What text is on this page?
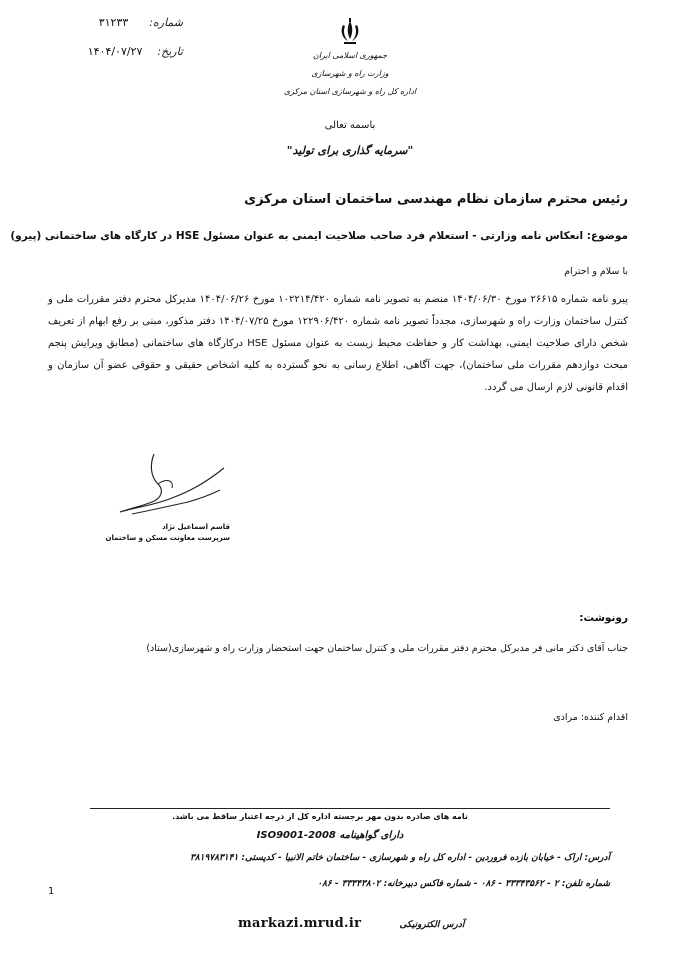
شماره:  ۳۱۲۳۳
تاریخ:  ۱۴۰۴/۰۷/۲۷	جمهوری اسلامی ایران
وزارت راه و شهرسازی
اداره کل راه و شهرسازی استان مرکزی
باسمه تعالی
"سرمایه گذاری برای تولید"
رئیس محترم سازمان نظام مهندسی ساختمان استان مرکزی
موضوع: انعکاس نامه وزارتی - استعلام فرد صاحب صلاحیت ایمنی به عنوان مسئول HSE در کارگاه های ساختمانی (پیرو)
با سلام و احترام
پیرو نامه شماره ۲۶۶۱۵ مورخ ۱۴۰۴/۰۶/۳۰ منضم به تصویر نامه شماره ۱۰۲۲۱۴/۴۲۰ مورخ ۱۴۰۴/۰۶/۲۶ مدیرکل محترم دفتر مقررات ملی و کنترل ساختمان وزارت راه و شهرسازی، مجدداً تصویر نامه شماره ۱۲۲۹۰۶/۴۲۰ مورخ ۱۴۰۴/۰۷/۲۵ دفتر مذکور، مبنی بر رفع ابهام از تعریف شخص دارای صلاحیت ایمنی، بهداشت کار و حفاظت محیط زیست به عنوان مسئول HSE درکارگاه های ساختمانی (مطابق ویرایش پنجم مبحث دوازدهم مقررات ملی ساختمان)، جهت آگاهی، اطلاع رسانی به نحو گسترده به کلیه اشخاص حقیقی و حقوقی عضو آن سازمان و اقدام قانونی لازم ارسال می گردد.
قاسم اسماعیل نژاد
سرپرست معاونت مسکن و ساختمان
رونوشت:
جناب آقای دکتر مانی فر مدیرکل محترم دفتر مقررات ملی و کنترل ساختمان جهت استحضار وزارت راه و شهرسازی(ستاد)
اقدام کننده: مرادی
نامه های صادره بدون مهر برجسته اداره کل از درجه اعتبار ساقط می باشد.
دارای گواهینامه ISO9001-2008
آدرس: اراک - خیابان بازده فروردین - اداره کل راه و شهرسازی - ساختمان خاتم الانبیا - کدپستی: ۳۸۱۹۷۸۳۱۴۱
شماره تلفن: ۲ - ۳۳۳۴۳۵۶۲ - ۰۸۶ - شماره فاکس دبیرخانه: ۳۳۳۴۳۸۰۲ - ۰۸۶
markazi.mrud.ir	آدرس الکترونیکی
1
